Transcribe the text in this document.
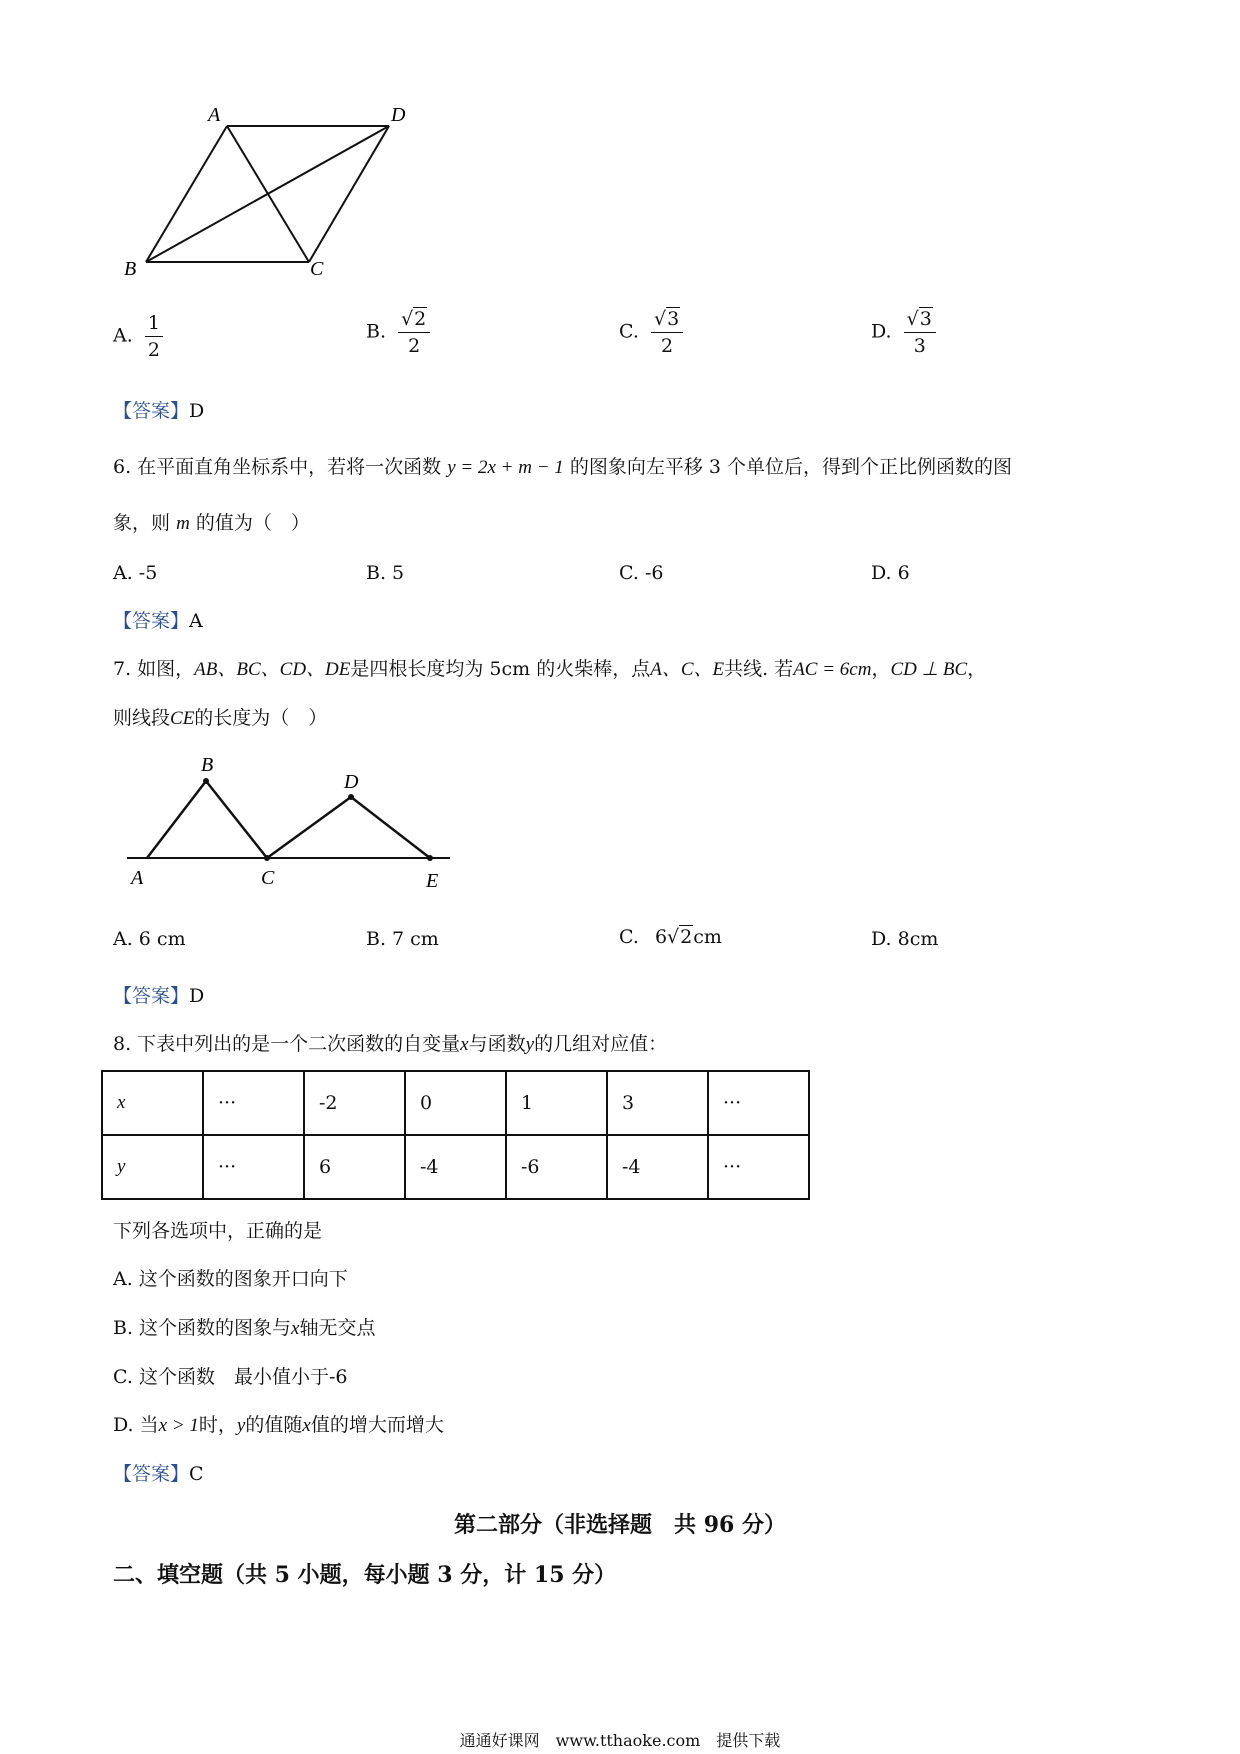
A	D
B	C
A. $\frac{1}{2}$	B. $\frac{√2}{2}$	C. $\frac{√3}{2}$	D. $\frac{√3}{3}$
【答案】D
6. 在平面直角坐标系中，若将一次函数 y = 2x + m − 1 的图象向左平移 3 个单位后，得到个正比例函数的图
象，则 m 的值为（　）
A. -5	B. 5	C. -6	D. 6
【答案】A
7. 如图，AB、BC、CD、DE是四根长度均为 5cm 的火柴棒，点A、C、E共线. 若AC = 6cm，CD ⊥ BC，
则线段CE的长度为（　）
B
D
A	C	E
A. 6 cm	B. 7 cm	C. 6√2cm	D. 8cm
【答案】D
8. 下表中列出的是一个二次函数的自变量x与函数y的几组对应值：
x	···	-2	0	1	3	···
y	···	6	-4	-6	-4	···
下列各选项中，正确的是
A. 这个函数的图象开口向下
B. 这个函数的图象与x轴无交点
C. 这个函数　最小值小于-6
D. 当x > 1时，y的值随x值的增大而增大
【答案】C
第二部分（非选择题　共 96 分）
二、填空题（共 5 小题，每小题 3 分，计 15 分）
通通好课网　www.tthaoke.com　提供下载
